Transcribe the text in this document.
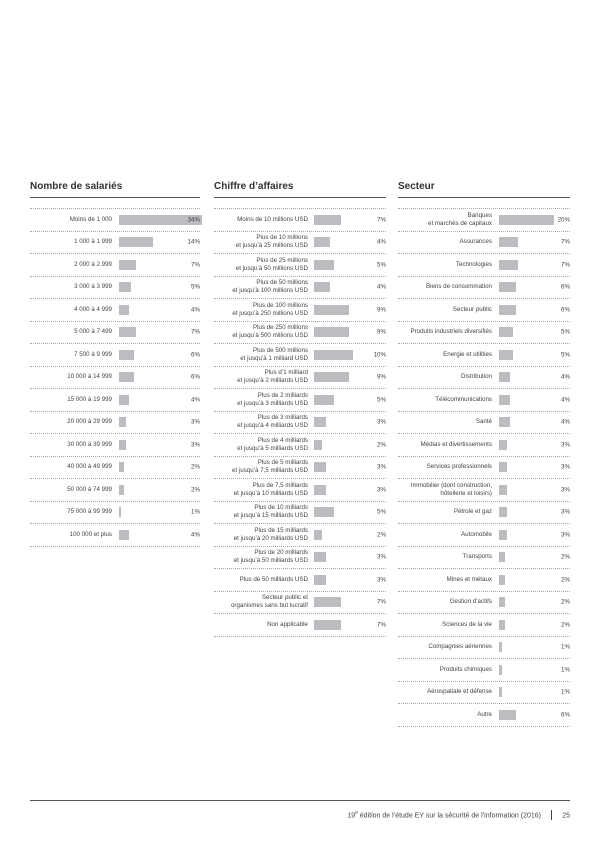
Nombre de salariés
Moins de 1 000	34%
1 000 à 1 999	14%
2 000 à 2 999	7%
3 000 à 3 999	5%
4 000 à 4 999	4%
5 000 à 7 499	7%
7 500 à 9 999	6%
10 000 à 14 999	6%
15 000 à 19 999	4%
20 000 à 29 999	3%
30 000 à 39 999	3%
40 000 à 49 999	2%
50 000 à 74 999	2%
75 000 à 99 999	1%
100 000 et plus	4%
Chiffre d’affaires
Moins de 10 millions USD	7%
Plus de 10 millions
et jusqu’à 25 millions USD	4%
Plus de 25 millions
et jusqu’à 50 millions USD	5%
Plus de 50 millions
et jusqu’à 100 millions USD	4%
Plus de 100 millions
et jusqu’à 250 millions USD	9%
Plus de 250 millions
et jusqu’à 500 millions USD	9%
Plus de 500 millions
et jusqu’à 1 milliard USD	10%
Plus d’1 milliard
et jusqu’à 2 milliards USD	9%
Plus de 2 milliards
et jusqu’à 3 milliards USD	5%
Plus de 3 milliards
et jusqu’à 4 milliards USD	3%
Plus de 4 milliards
et jusqu’à 5 milliards USD	2%
Plus de 5 milliards
et jusqu’à 7,5 milliards USD	3%
Plus de 7,5 milliards
et jusqu’à 10 milliards USD	3%
Plus de 10 milliards
et jusqu’à 15 milliards USD	5%
Plus de 15 milliards
et jusqu’à 20 milliards USD	2%
Plus de 20 milliards
et jusqu’à 50 milliards USD	3%
Plus de 50 milliards USD	3%
Secteur public et
organismes sans but lucratif	7%
Non applicable	7%
Secteur
Banques
et marchés de capitaux	20%
Assurances	7%
Technologies	7%
Biens de consommation	6%
Secteur public	6%
Produits industriels diversifiés	5%
Energie et utilities	5%
Distribution	4%
Télécommunications	4%
Santé	4%
Médias et divertissements	3%
Services professionnels	3%
Immobilier (dont construction,
hôtellerie et loisirs)	3%
Pétrole et gaz	3%
Automobile	3%
Transports	2%
Mines et métaux	2%
Gestion d’actifs	2%
Sciences de la vie	2%
Compagnies aériennes	1%
Produits chimiques	1%
Aérospatiale et défense	1%
Autre	6%
19e édition de l’étude EY sur la sécurité de l’information (2016)	25
